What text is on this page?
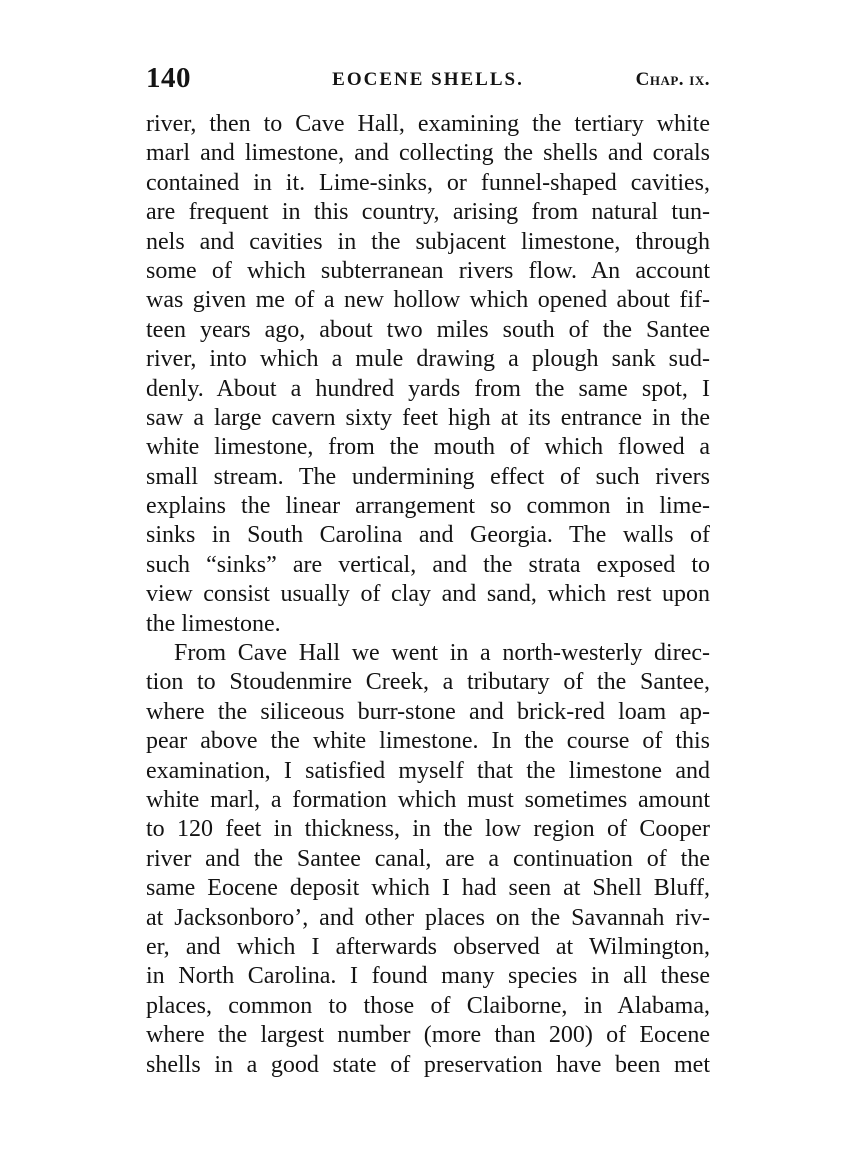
140	EOCENE SHELLS.	Chap. ix.
river, then to Cave Hall, examining the tertiary white
marl and limestone, and collecting the shells and corals
contained in it. Lime-sinks, or funnel-shaped cavities,
are frequent in this country, arising from natural tun-
nels and cavities in the subjacent limestone, through
some of which subterranean rivers flow. An account
was given me of a new hollow which opened about fif-
teen years ago, about two miles south of the Santee
river, into which a mule drawing a plough sank sud-
denly. About a hundred yards from the same spot, I
saw a large cavern sixty feet high at its entrance in the
white limestone, from the mouth of which flowed a
small stream. The undermining effect of such rivers
explains the linear arrangement so common in lime-
sinks in South Carolina and Georgia. The walls of
such “sinks” are vertical, and the strata exposed to
view consist usually of clay and sand, which rest upon
the limestone.
From Cave Hall we went in a north-westerly direc-
tion to Stoudenmire Creek, a tributary of the Santee,
where the siliceous burr-stone and brick-red loam ap-
pear above the white limestone. In the course of this
examination, I satisfied myself that the limestone and
white marl, a formation which must sometimes amount
to 120 feet in thickness, in the low region of Cooper
river and the Santee canal, are a continuation of the
same Eocene deposit which I had seen at Shell Bluff,
at Jacksonboro’, and other places on the Savannah riv-
er, and which I afterwards observed at Wilmington,
in North Carolina. I found many species in all these
places, common to those of Claiborne, in Alabama,
where the largest number (more than 200) of Eocene
shells in a good state of preservation have been met
